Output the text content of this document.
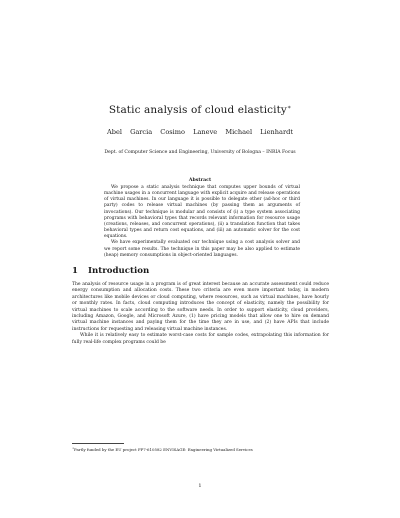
Static analysis of cloud elasticity∗
Abel Garcia Cosimo Laneve Michael Lienhardt
Dept. of Computer Science and Engineering, University of Bologna – INRIA Focus
Abstract

We propose a static analysis technique that computes upper bounds of virtual machine usages in a concurrent language with explicit acquire and release operations of virtual machines. In our language it is possible to delegate other (ad-hoc or third party) codes to release virtual machines (by passing them as arguments of invocations). Our technique is modular and consists of (i) a type system associating programs with behavioral types that records relevant information for resource usage (creations, releases, and concurrent operations), (ii) a translation function that takes behavioral types and return cost equations, and (iii) an automatic solver for the cost equations.

We have experimentally evaluated our technique using a cost analysis solver and we report some results. The technique in this paper may be also applied to estimate (heap) memory consumptions in object-oriented languages.

1 Introduction

The analysis of resource usage in a program is of great interest because an accurate assessment could reduce energy consumption and allocation costs. These two criteria are even more important today, in modern architectures like mobile devices or cloud computing, where resources, such as virtual machines, have hourly or monthly rates. In facts, cloud computing introduces the concept of elasticity, namely the possibility for virtual machines to scale according to the software needs. In order to support elasticity, cloud providers, including Amazon, Google, and Microsoft Azure, (1) have pricing models that allow one to hire on demand virtual machine instances and paying them for the time they are in use, and (2) have APIs that include instructions for requesting and releasing virtual machine instances.

While it is relatively easy to estimate worst-case costs for sample codes, extrapolating this information for fully real-life complex programs could be

∗Partly funded by the EU project FP7-610582 ENVISAGE: Engineering Virtualized Services
1
